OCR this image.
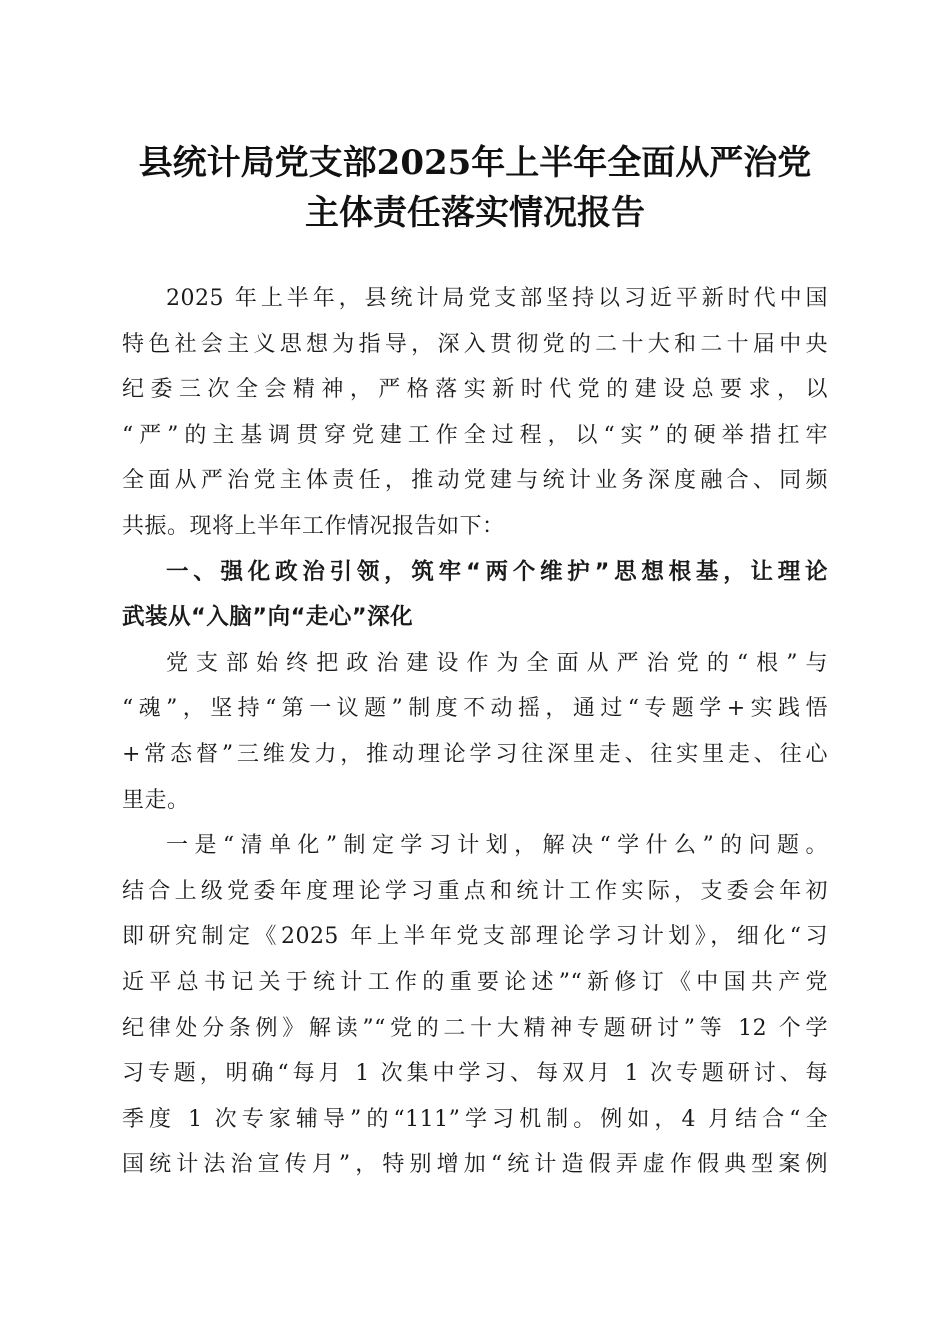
县统计局党支部2025年上半年全面从严治党
主体责任落实情况报告

2025 年上半年，县统计局党支部坚持以习近平新时代中国
特色社会主义思想为指导，深入贯彻党的二十大和二十届中央
纪委三次全会精神，严格落实新时代党的建设总要求，以
“严”的主基调贯穿党建工作全过程，以“实”的硬举措扛牢
全面从严治党主体责任，推动党建与统计业务深度融合、同频
共振。现将上半年工作情况报告如下：

一、强化政治引领，筑牢“两个维护”思想根基，让理论
武装从“入脑”向“走心”深化

党支部始终把政治建设作为全面从严治党的“根”与
“魂”，坚持“第一议题”制度不动摇，通过“专题学+实践悟
+常态督”三维发力，推动理论学习往深里走、往实里走、往心
里走。

一是“清单化”制定学习计划，解决“学什么”的问题。
结合上级党委年度理论学习重点和统计工作实际，支委会年初
即研究制定《2025 年上半年党支部理论学习计划》，细化“习
近平总书记关于统计工作的重要论述”“新修订《中国共产党
纪律处分条例》解读”“党的二十大精神专题研讨”等 12 个学
习专题，明确“每月 1 次集中学习、每双月 1 次专题研讨、每
季度 1 次专家辅导”的“111”学习机制。例如，4 月结合“全
国统计法治宣传月”，特别增加“统计造假弄虚作假典型案例
